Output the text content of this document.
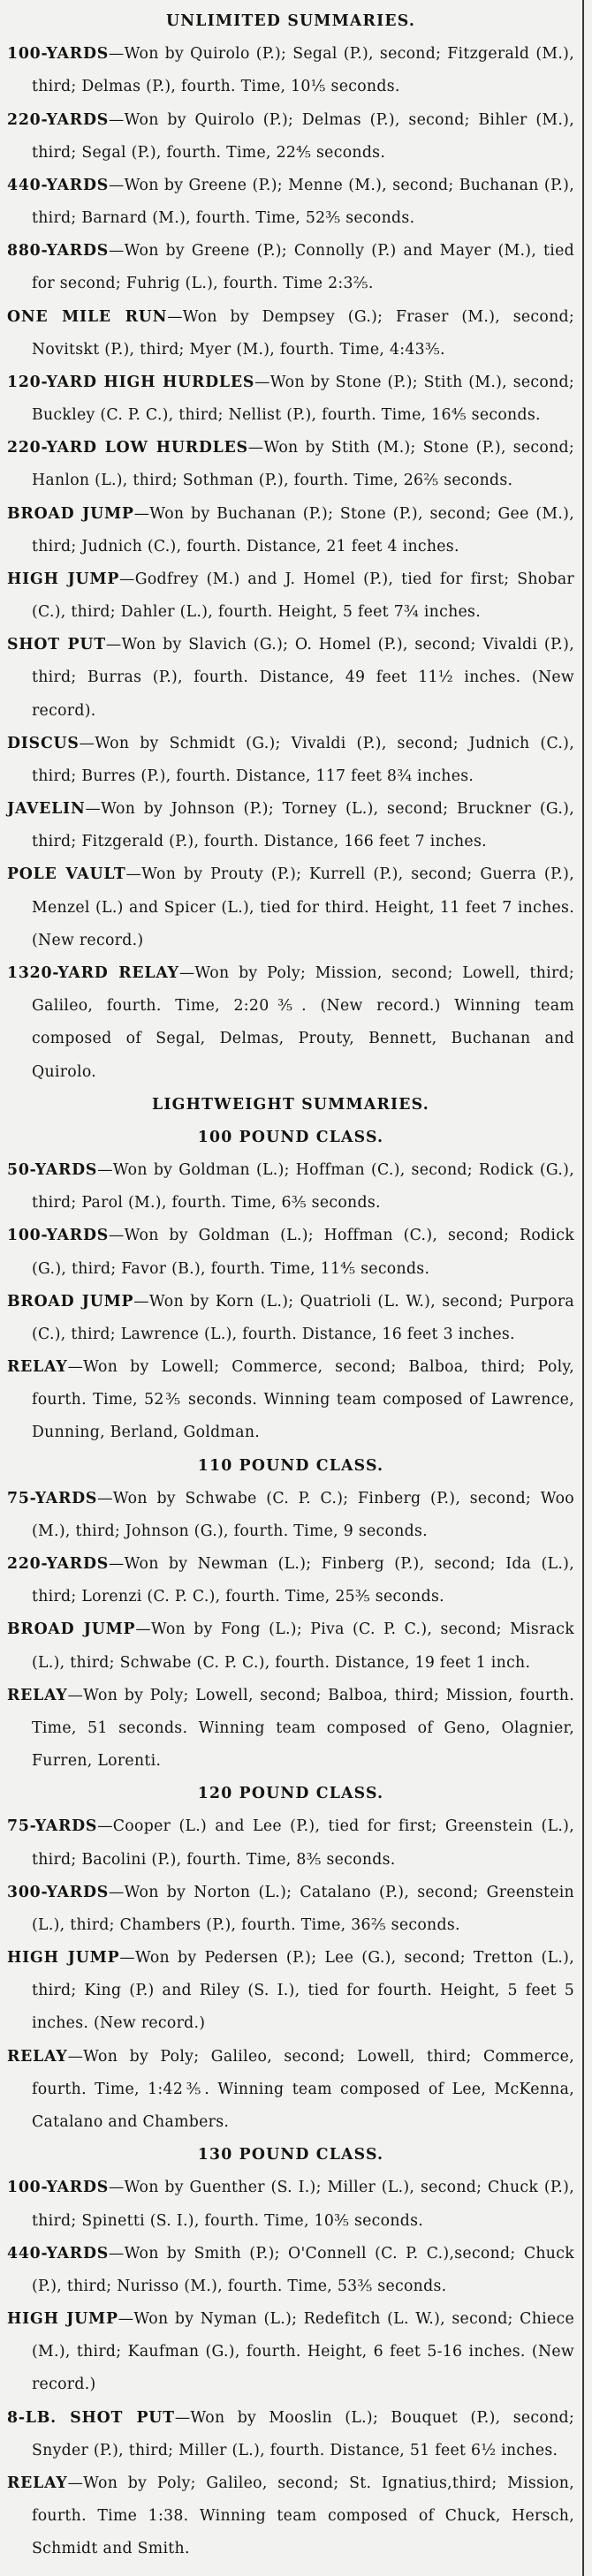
UNLIMITED SUMMARIES.

100-YARDS—Won by Quirolo (P.); Segal (P.), second; Fitzgerald (M.), third; Delmas (P.), fourth. Time, 10⅕ seconds.

220-YARDS—Won by Quirolo (P.); Delmas (P.), second; Bihler (M.), third; Segal (P.), fourth. Time, 22⅘ seconds.

440-YARDS—Won by Greene (P.); Menne (M.), second; Buchanan (P.), third; Barnard (M.), fourth. Time, 52⅗ seconds.

880-YARDS—Won by Greene (P.); Connolly (P.) and Mayer (M.), tied for second; Fuhrig (L.), fourth. Time 2:3⅖.

ONE MILE RUN—Won by Dempsey (G.); Fraser (M.), second; Novitskt (P.), third; Myer (M.), fourth. Time, 4:43⅗.

120-YARD HIGH HURDLES—Won by Stone (P.); Stith (M.), second; Buckley (C. P. C.), third; Nellist (P.), fourth. Time, 16⅘ seconds.

220-YARD LOW HURDLES—Won by Stith (M.); Stone (P.), second; Hanlon (L.), third; Sothman (P.), fourth. Time, 26⅖ seconds.

BROAD JUMP—Won by Buchanan (P.); Stone (P.), second; Gee (M.), third; Judnich (C.), fourth. Distance, 21 feet 4 inches.

HIGH JUMP—Godfrey (M.) and J. Homel (P.), tied for first; Shobar (C.), third; Dahler (L.), fourth. Height, 5 feet 7¾ inches.

SHOT PUT—Won by Slavich (G.); O. Homel (P.), second; Vivaldi (P.), third; Burras (P.), fourth. Distance, 49 feet 11½ inches. (New record).

DISCUS—Won by Schmidt (G.); Vivaldi (P.), second; Judnich (C.), third; Burres (P.), fourth. Distance, 117 feet 8¾ inches.

JAVELIN—Won by Johnson (P.); Torney (L.), second; Bruckner (G.), third; Fitzgerald (P.), fourth. Distance, 166 feet 7 inches.

POLE VAULT—Won by Prouty (P.); Kurrell (P.), second; Guerra (P.), Menzel (L.) and Spicer (L.), tied for third. Height, 11 feet 7 inches. (New record.)

1320-YARD RELAY—Won by Poly; Mission, second; Lowell, third; Galileo, fourth. Time, 2:20⅗. (New record.) Winning team composed of Segal, Delmas, Prouty, Bennett, Buchanan and Quirolo.

LIGHTWEIGHT SUMMARIES.

100 POUND CLASS.

50-YARDS—Won by Goldman (L.); Hoffman (C.), second; Rodick (G.), third; Parol (M.), fourth. Time, 6⅗ seconds.

100-YARDS—Won by Goldman (L.); Hoffman (C.), second; Rodick (G.), third; Favor (B.), fourth. Time, 11⅘ seconds.

BROAD JUMP—Won by Korn (L.); Quatrioli (L. W.), second; Purpora (C.), third; Lawrence (L.), fourth. Distance, 16 feet 3 inches.

RELAY—Won by Lowell; Commerce, second; Balboa, third; Poly, fourth. Time, 52⅗ seconds. Winning team composed of Lawrence, Dunning, Berland, Goldman.

110 POUND CLASS.

75-YARDS—Won by Schwabe (C. P. C.); Finberg (P.), second; Woo (M.), third; Johnson (G.), fourth. Time, 9 seconds.

220-YARDS—Won by Newman (L.); Finberg (P.), second; Ida (L.), third; Lorenzi (C. P. C.), fourth. Time, 25⅗ seconds.

BROAD JUMP—Won by Fong (L.); Piva (C. P. C.), second; Misrack (L.), third; Schwabe (C. P. C.), fourth. Distance, 19 feet 1 inch.

RELAY—Won by Poly; Lowell, second; Balboa, third; Mission, fourth. Time, 51 seconds. Winning team composed of Geno, Olagnier, Furren, Lorenti.

120 POUND CLASS.

75-YARDS—Cooper (L.) and Lee (P.), tied for first; Greenstein (L.), third; Bacolini (P.), fourth. Time, 8⅗ seconds.

300-YARDS—Won by Norton (L.); Catalano (P.), second; Greenstein (L.), third; Chambers (P.), fourth. Time, 36⅖ seconds.

HIGH JUMP—Won by Pedersen (P.); Lee (G.), second; Tretton (L.), third; King (P.) and Riley (S. I.), tied for fourth. Height, 5 feet 5 inches. (New record.)

RELAY—Won by Poly; Galileo, second; Lowell, third; Commerce, fourth. Time, 1:42⅗. Winning team composed of Lee, McKenna, Catalano and Chambers.

130 POUND CLASS.

100-YARDS—Won by Guenther (S. I.); Miller (L.), second; Chuck (P.), third; Spinetti (S. I.), fourth. Time, 10⅗ seconds.

440-YARDS—Won by Smith (P.); O'Connell (C. P. C.),second; Chuck (P.), third; Nurisso (M.), fourth. Time, 53⅗ seconds.

HIGH JUMP—Won by Nyman (L.); Redefitch (L. W.), second; Chiece (M.), third; Kaufman (G.), fourth. Height, 6 feet 5-16 inches. (New record.)

8-LB. SHOT PUT—Won by Mooslin (L.); Bouquet (P.), second; Snyder (P.), third; Miller (L.), fourth. Distance, 51 feet 6½ inches.

RELAY—Won by Poly; Galileo, second; St. Ignatius,third; Mission, fourth. Time 1:38. Winning team composed of Chuck, Hersch, Schmidt and Smith.
